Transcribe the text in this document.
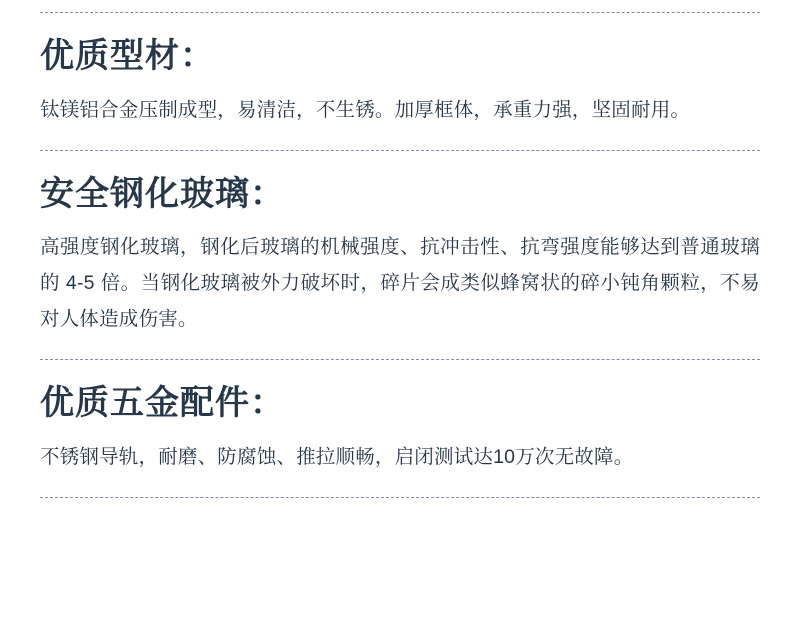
优质型材：

钛镁铝合金压制成型，易清洁，不生锈。加厚框体，承重力强，坚固耐用。

安全钢化玻璃：

高强度钢化玻璃，钢化后玻璃的机械强度、抗冲击性、抗弯强度能够达到普通玻璃的 4-5 倍。当钢化玻璃被外力破坏时，碎片会成类似蜂窝状的碎小钝角颗粒，不易对人体造成伤害。

优质五金配件：

不锈钢导轨，耐磨、防腐蚀、推拉顺畅，启闭测试达10万次无故障。
